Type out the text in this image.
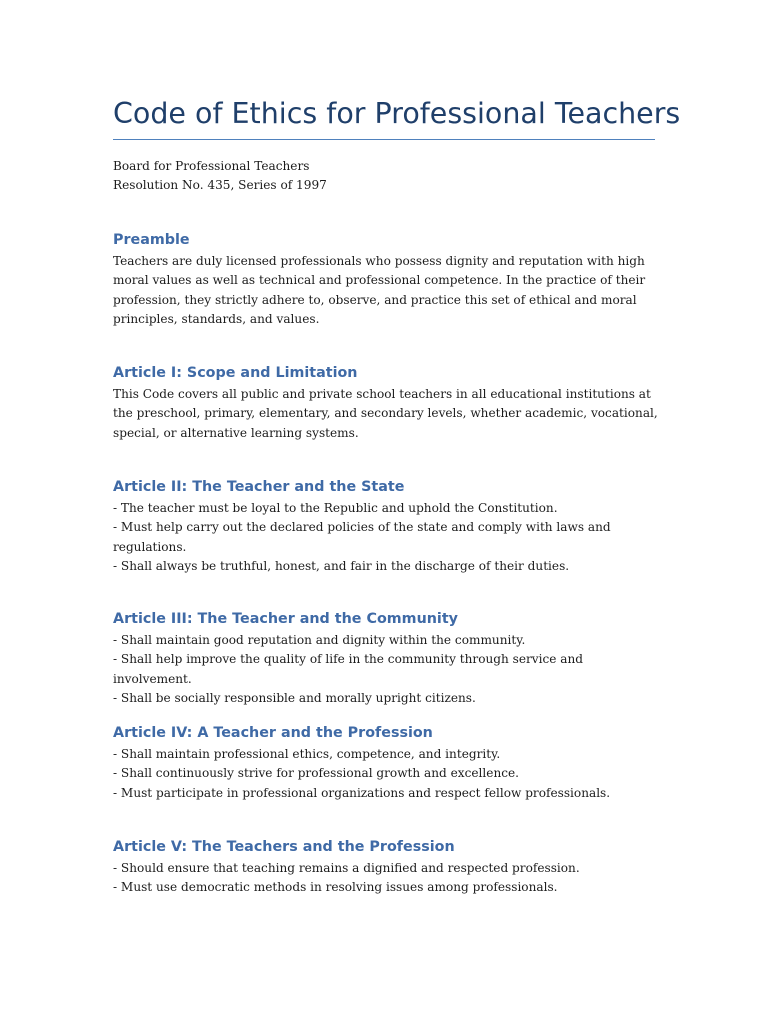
Code of Ethics for Professional Teachers

Board for Professional Teachers

Resolution No. 435, Series of 1997

Preamble

Teachers are duly licensed professionals who possess dignity and reputation with high moral values as well as technical and professional competence. In the practice of their profession, they strictly adhere to, observe, and practice this set of ethical and moral principles, standards, and values.

Article I: Scope and Limitation

This Code covers all public and private school teachers in all educational institutions at the preschool, primary, elementary, and secondary levels, whether academic, vocational, special, or alternative learning systems.

Article II: The Teacher and the State

- The teacher must be loyal to the Republic and uphold the Constitution.
- Must help carry out the declared policies of the state and comply with laws and regulations.
- Shall always be truthful, honest, and fair in the discharge of their duties.

Article III: The Teacher and the Community

- Shall maintain good reputation and dignity within the community.
- Shall help improve the quality of life in the community through service and involvement.
- Shall be socially responsible and morally upright citizens.

Article IV: A Teacher and the Profession

- Shall maintain professional ethics, competence, and integrity.
- Shall continuously strive for professional growth and excellence.
- Must participate in professional organizations and respect fellow professionals.

Article V: The Teachers and the Profession

- Should ensure that teaching remains a dignified and respected profession.
- Must use democratic methods in resolving issues among professionals.
